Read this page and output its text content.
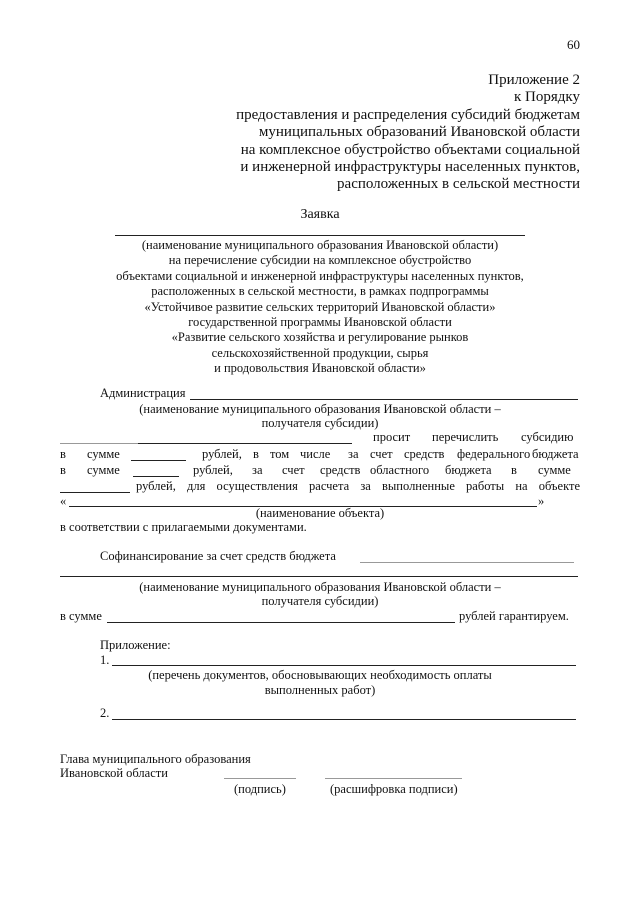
60
Приложение 2
к Порядку
предоставления и распределения субсидий бюджетам
муниципальных образований Ивановской области
на комплексное обустройство объектами социальной
и инженерной инфраструктуры населенных пунктов,
расположенных в сельской местности
Заявка
(наименование муниципального образования Ивановской области)
на перечисление субсидии на комплексное обустройство
объектами социальной и инженерной инфраструктуры населенных пунктов,
расположенных в сельской местности, в рамках подпрограммы
«Устойчивое развитие сельских территорий Ивановской области»
государственной программы Ивановской области
«Развитие сельского хозяйства и регулирование рынков
сельскохозяйственной продукции, сырья
и продовольствия Ивановской области»
Администрация
(наименование муниципального образования Ивановской области –
получателя субсидии)
просит перечислить субсидию
в сумме	рублей, в том числе за счет средств федерального бюджета
в сумме	рублей, за счет средств областного бюджета в сумме
рублей, для осуществления расчета за выполненные работы на объекте
«	»
(наименование объекта)
в соответствии с прилагаемыми документами.
Софинансирование за счет средств бюджета
(наименование муниципального образования Ивановской области –
получателя субсидии)
в сумме	рублей гарантируем.
Приложение:
1.
(перечень документов, обосновывающих необходимость оплаты
выполненных работ)
2.
Глава муниципального образования
Ивановской области
(подпись)	(расшифровка подписи)
